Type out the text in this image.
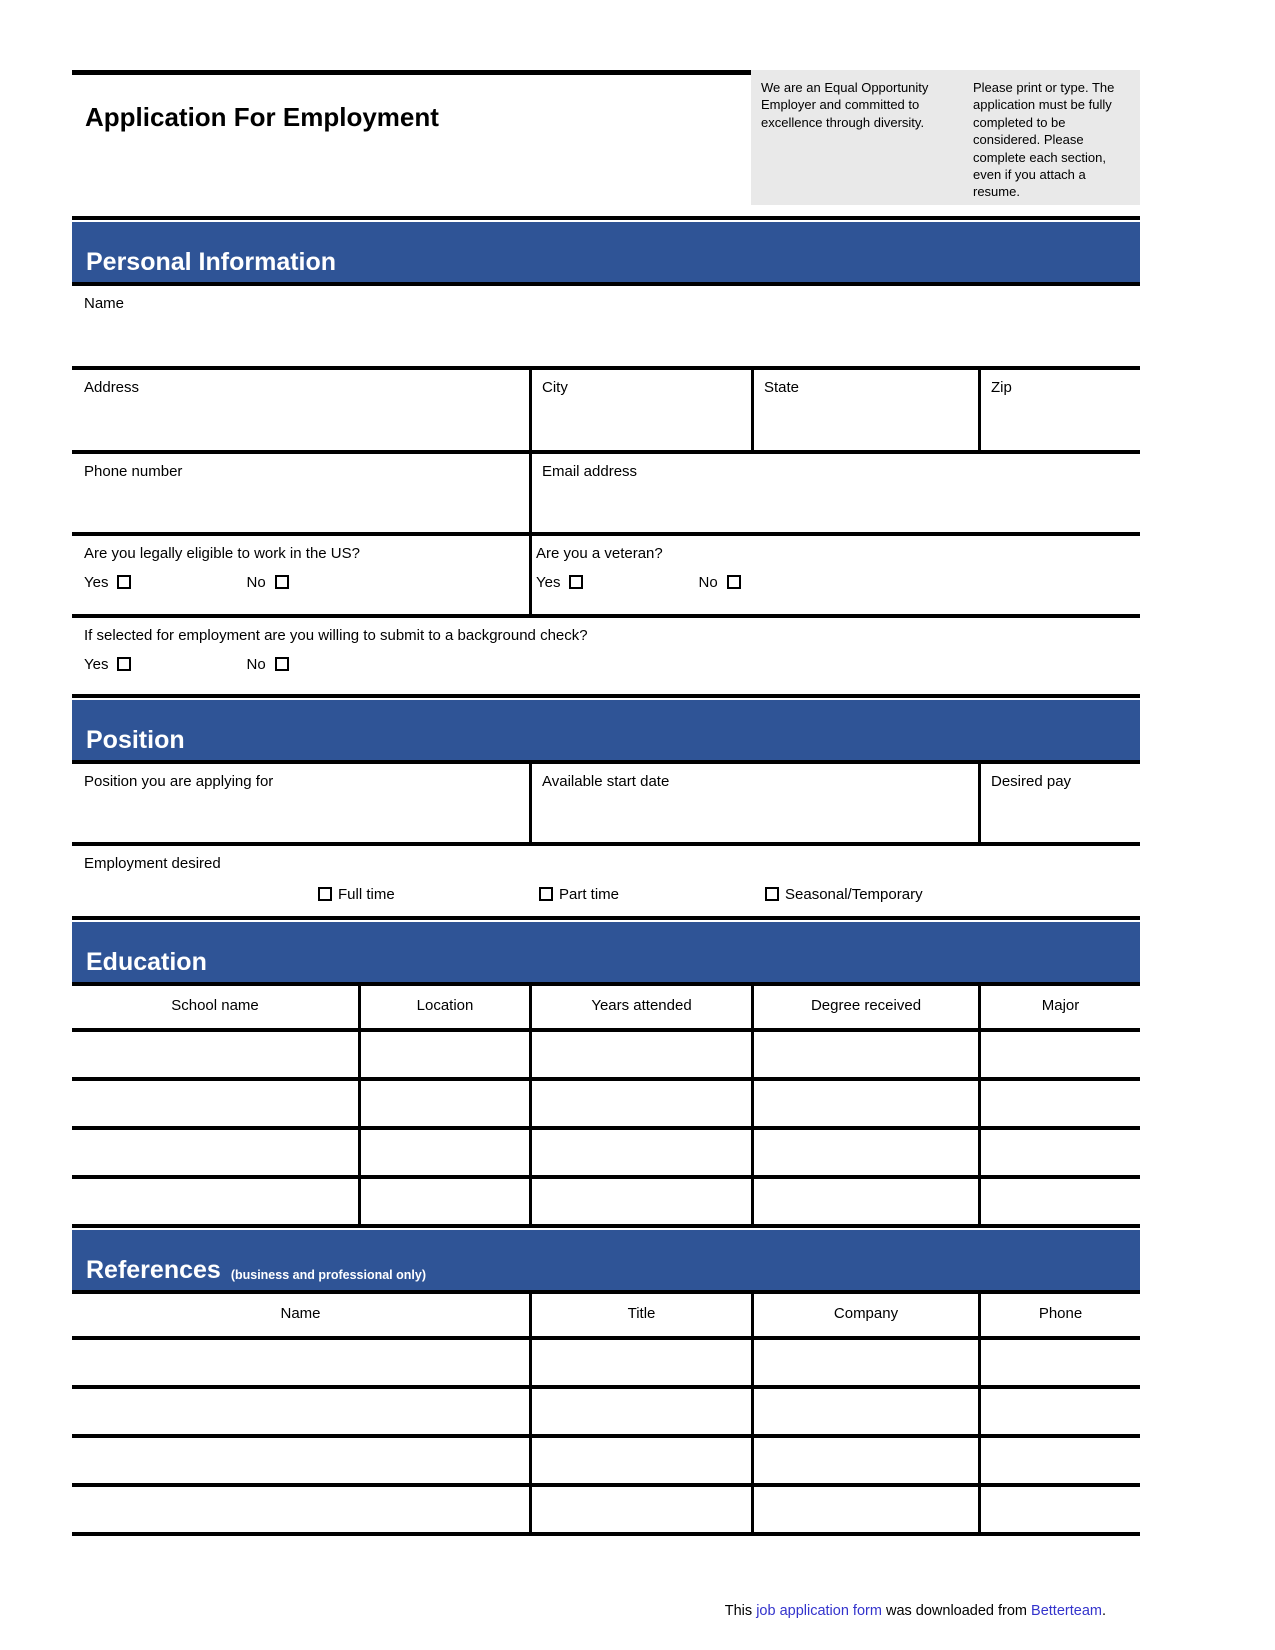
Application For Employment
We are an Equal Opportunity Employer and committed to excellence through diversity.
Please print or type. The application must be fully completed to be considered. Please complete each section, even if you attach a resume.
Personal Information
Name
Address	City	State	Zip
Phone number	Email address
Are you legally eligible to work in the US?
Yes	No
Are you a veteran?
Yes	No
If selected for employment are you willing to submit to a background check?
Yes	No
Position
Position you are applying for	Available start date	Desired pay
Employment desired
Full time	Part time	Seasonal/Temporary
Education
School name	Location	Years attended	Degree received	Major
References (business and professional only)
Name	Title	Company	Phone
This job application form was downloaded from Betterteam.
